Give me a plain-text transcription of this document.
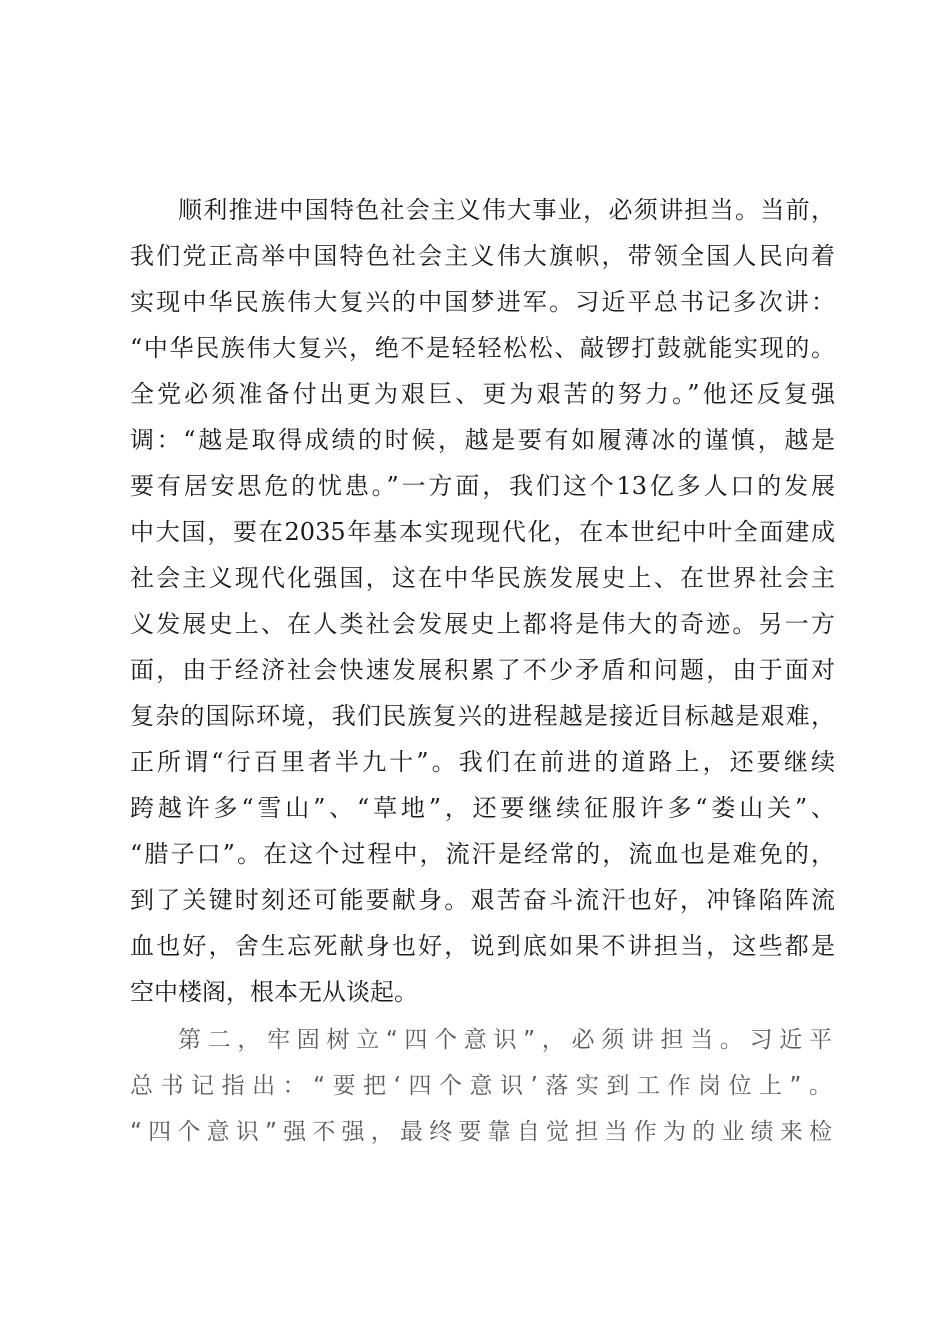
顺利推进中国特色社会主义伟大事业，必须讲担当。当前，
我们党正高举中国特色社会主义伟大旗帜，带领全国人民向着
实现中华民族伟大复兴的中国梦进军。习近平总书记多次讲：
“中华民族伟大复兴，绝不是轻轻松松、敲锣打鼓就能实现的。
全党必须准备付出更为艰巨、更为艰苦的努力。”他还反复强
调：“越是取得成绩的时候，越是要有如履薄冰的谨慎，越是
要有居安思危的忧患。”一方面，我们这个13亿多人口的发展
中大国，要在2035年基本实现现代化，在本世纪中叶全面建成
社会主义现代化强国，这在中华民族发展史上、在世界社会主
义发展史上、在人类社会发展史上都将是伟大的奇迹。另一方
面，由于经济社会快速发展积累了不少矛盾和问题，由于面对
复杂的国际环境，我们民族复兴的进程越是接近目标越是艰难，
正所谓“行百里者半九十”。我们在前进的道路上，还要继续
跨越许多“雪山”、“草地”，还要继续征服许多“娄山关”、
“腊子口”。在这个过程中，流汗是经常的，流血也是难免的，
到了关键时刻还可能要献身。艰苦奋斗流汗也好，冲锋陷阵流
血也好，舍生忘死献身也好，说到底如果不讲担当，这些都是
空中楼阁，根本无从谈起。
第二，牢固树立“四个意识”，必须讲担当。习近平
总书记指出：“要把‘四个意识’落实到工作岗位上”。
“四个意识”强不强，最终要靠自觉担当作为的业绩来检
